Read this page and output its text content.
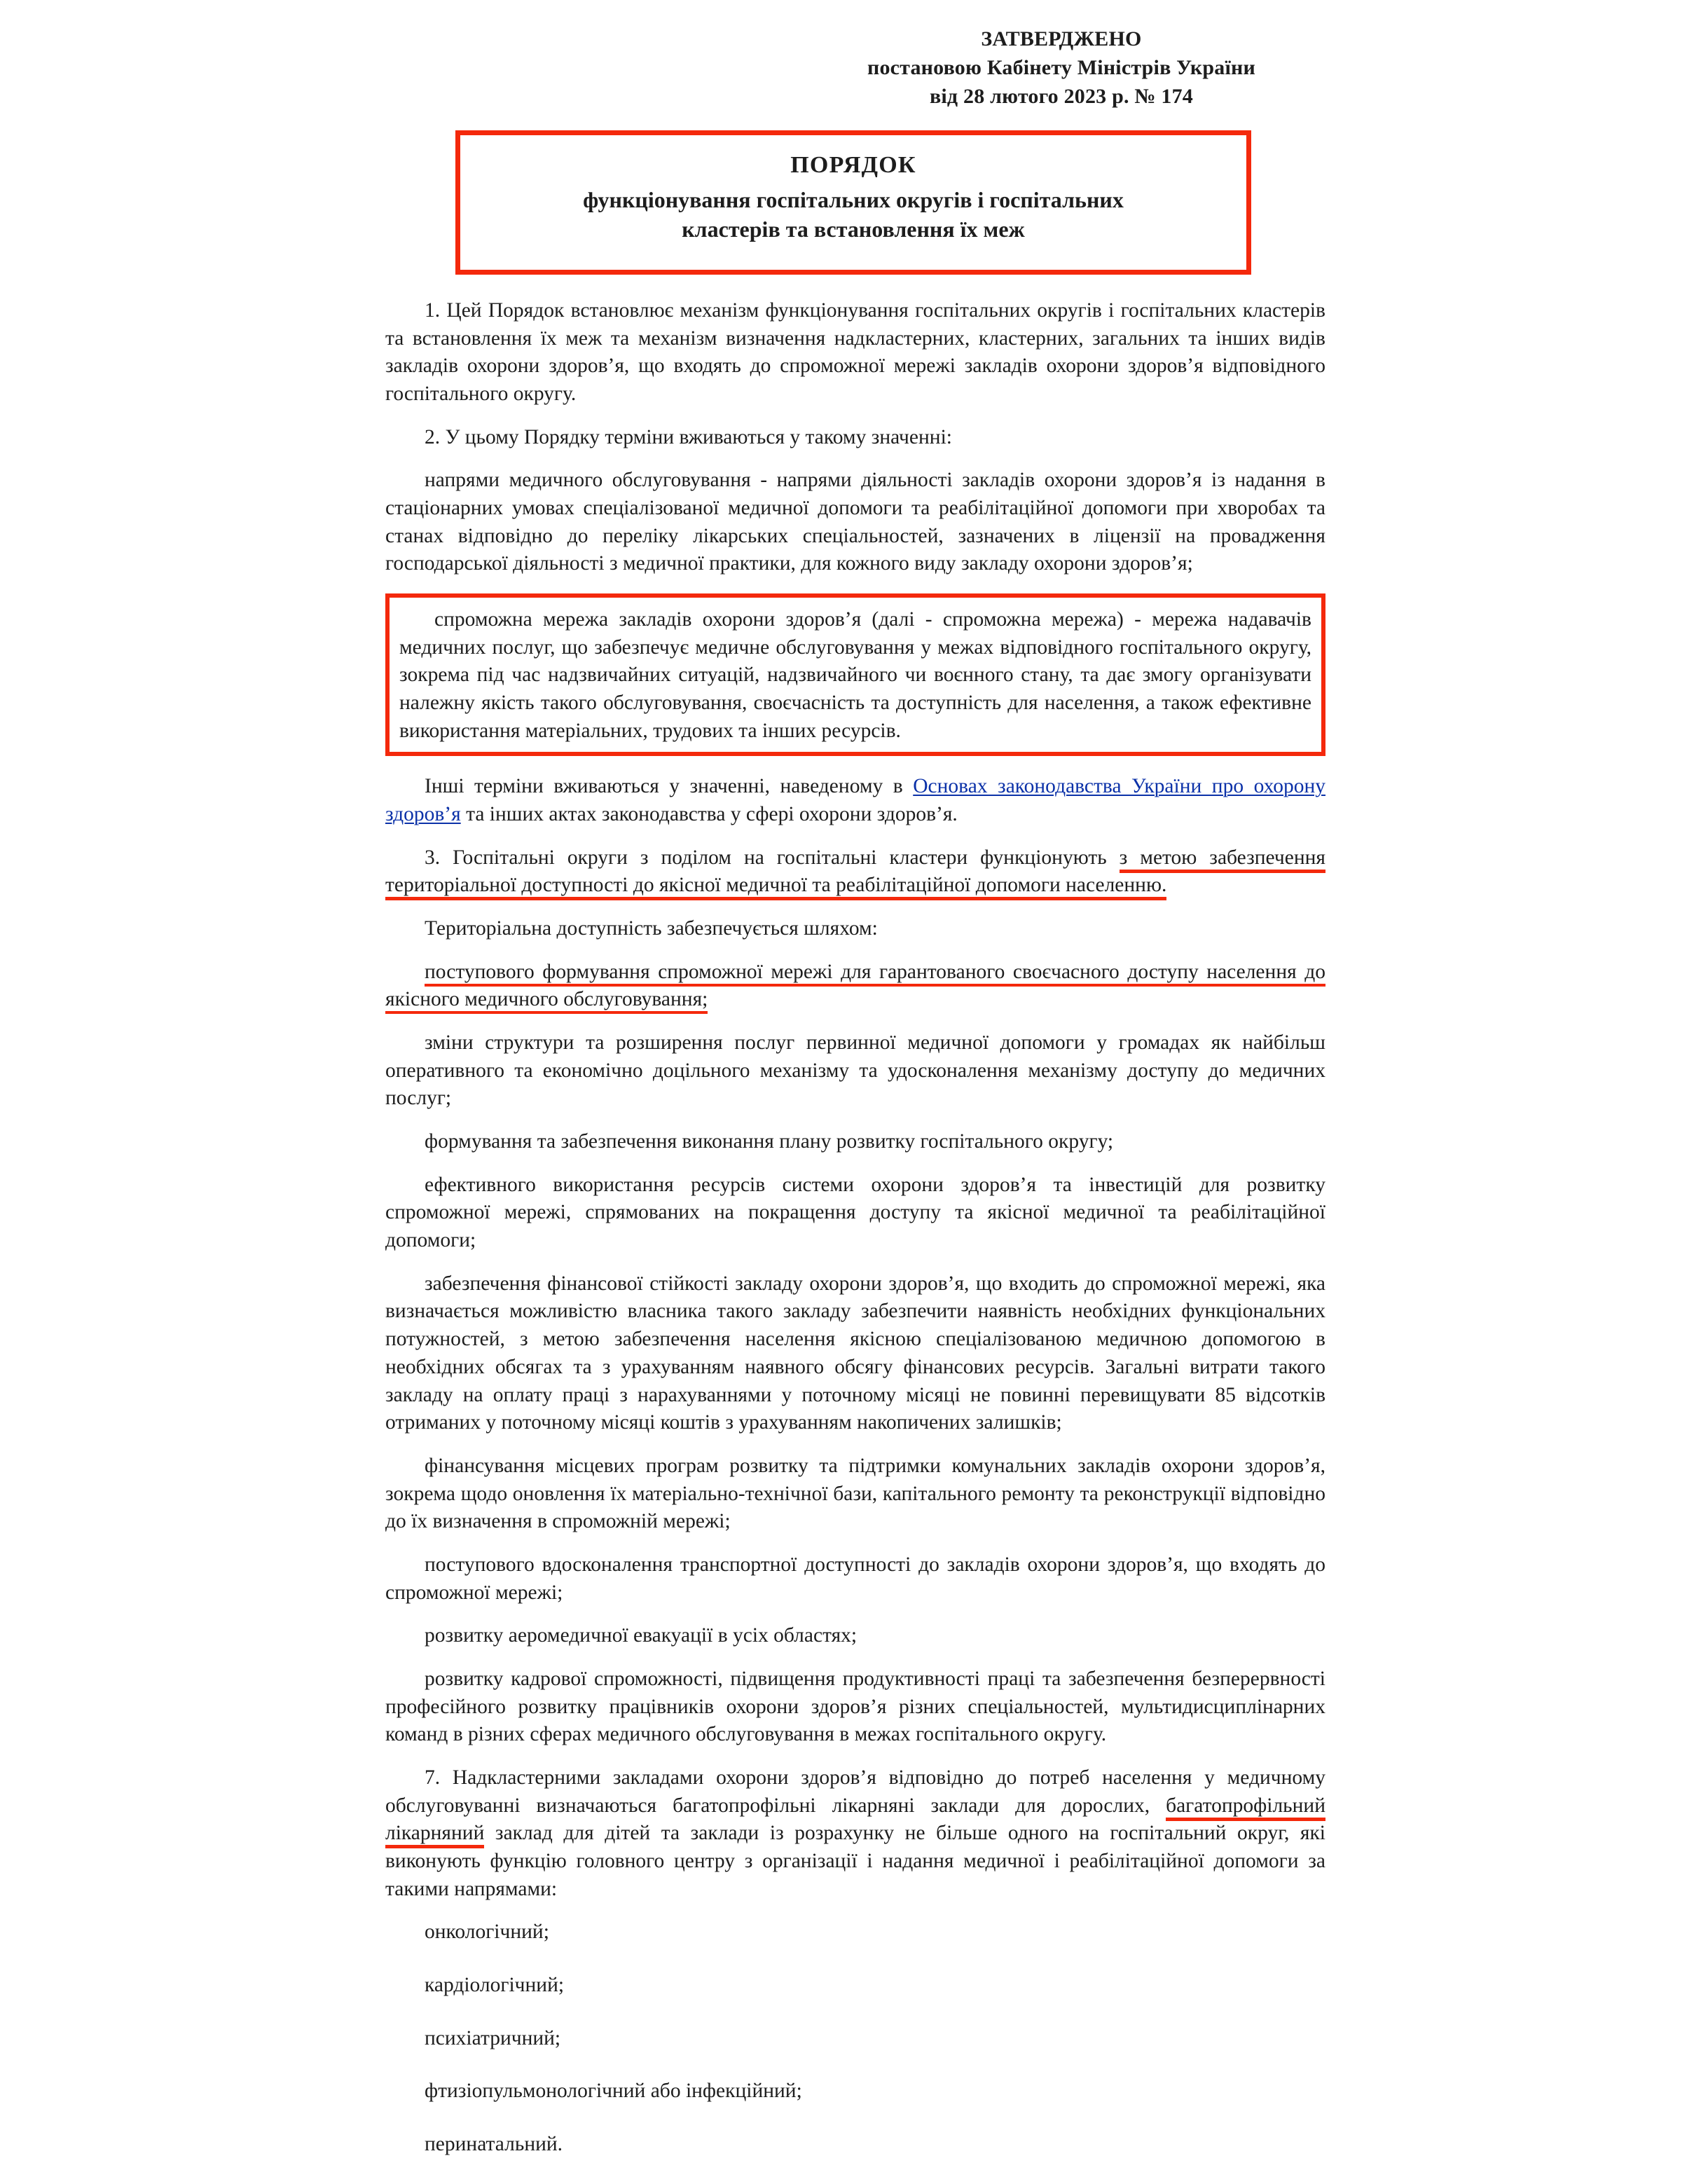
ЗАТВЕРДЖЕНО
постановою Кабінету Міністрів України
від 28 лютого 2023 р. № 174
ПОРЯДОК
функціонування госпітальних округів і госпітальних
кластерів та встановлення їх меж

1. Цей Порядок встановлює механізм функціонування госпітальних округів і госпітальних кластерів та встановлення їх меж та механізм визначення надкластерних, кластерних, загальних та інших видів закладів охорони здоров’я, що входять до спроможної мережі закладів охорони здоров’я відповідного госпітального округу.

2. У цьому Порядку терміни вживаються у такому значенні:

напрями медичного обслуговування - напрями діяльності закладів охорони здоров’я із надання в стаціонарних умовах спеціалізованої медичної допомоги та реабілітаційної допомоги при хворобах та станах відповідно до переліку лікарських спеціальностей, зазначених в ліцензії на провадження господарської діяльності з медичної практики, для кожного виду закладу охорони здоров’я;

спроможна мережа закладів охорони здоров’я (далі - спроможна мережа) - мережа надавачів медичних послуг, що забезпечує медичне обслуговування у межах відповідного госпітального округу, зокрема під час надзвичайних ситуацій, надзвичайного чи воєнного стану, та дає змогу організувати належну якість такого обслуговування, своєчасність та доступність для населення, а також ефективне використання матеріальних, трудових та інших ресурсів.

Інші терміни вживаються у значенні, наведеному в Основах законодавства України про охорону здоров’я та інших актах законодавства у сфері охорони здоров’я.

3. Госпітальні округи з поділом на госпітальні кластери функціонують з метою забезпечення територіальної доступності до якісної медичної та реабілітаційної допомоги населенню.

Територіальна доступність забезпечується шляхом:

поступового формування спроможної мережі для гарантованого своєчасного доступу населення до якісного медичного обслуговування;

зміни структури та розширення послуг первинної медичної допомоги у громадах як найбільш оперативного та економічно доцільного механізму та удосконалення механізму доступу до медичних послуг;

формування та забезпечення виконання плану розвитку госпітального округу;

ефективного використання ресурсів системи охорони здоров’я та інвестицій для розвитку спроможної мережі, спрямованих на покращення доступу та якісної медичної та реабілітаційної допомоги;

забезпечення фінансової стійкості закладу охорони здоров’я, що входить до спроможної мережі, яка визначається можливістю власника такого закладу забезпечити наявність необхідних функціональних потужностей, з метою забезпечення населення якісною спеціалізованою медичною допомогою в необхідних обсягах та з урахуванням наявного обсягу фінансових ресурсів. Загальні витрати такого закладу на оплату праці з нарахуваннями у поточному місяці не повинні перевищувати 85 відсотків отриманих у поточному місяці коштів з урахуванням накопичених залишків;

фінансування місцевих програм розвитку та підтримки комунальних закладів охорони здоров’я, зокрема щодо оновлення їх матеріально-технічної бази, капітального ремонту та реконструкції відповідно до їх визначення в спроможній мережі;

поступового вдосконалення транспортної доступності до закладів охорони здоров’я, що входять до спроможної мережі;

розвитку аеромедичної евакуації в усіх областях;

розвитку кадрової спроможності, підвищення продуктивності праці та забезпечення безперервності професійного розвитку працівників охорони здоров’я різних спеціальностей, мультидисциплінарних команд в різних сферах медичного обслуговування в межах госпітального округу.

7. Надкластерними закладами охорони здоров’я відповідно до потреб населення у медичному обслуговуванні визначаються багатопрофільні лікарняні заклади для дорослих, багатопрофільний лікарняний заклад для дітей та заклади із розрахунку не більше одного на госпітальний округ, які виконують функцію головного центру з організації і надання медичної і реабілітаційної допомоги за такими напрямами:

онкологічний;

кардіологічний;

психіатричний;

фтизіопульмонологічний або інфекційний;

перинатальний.
